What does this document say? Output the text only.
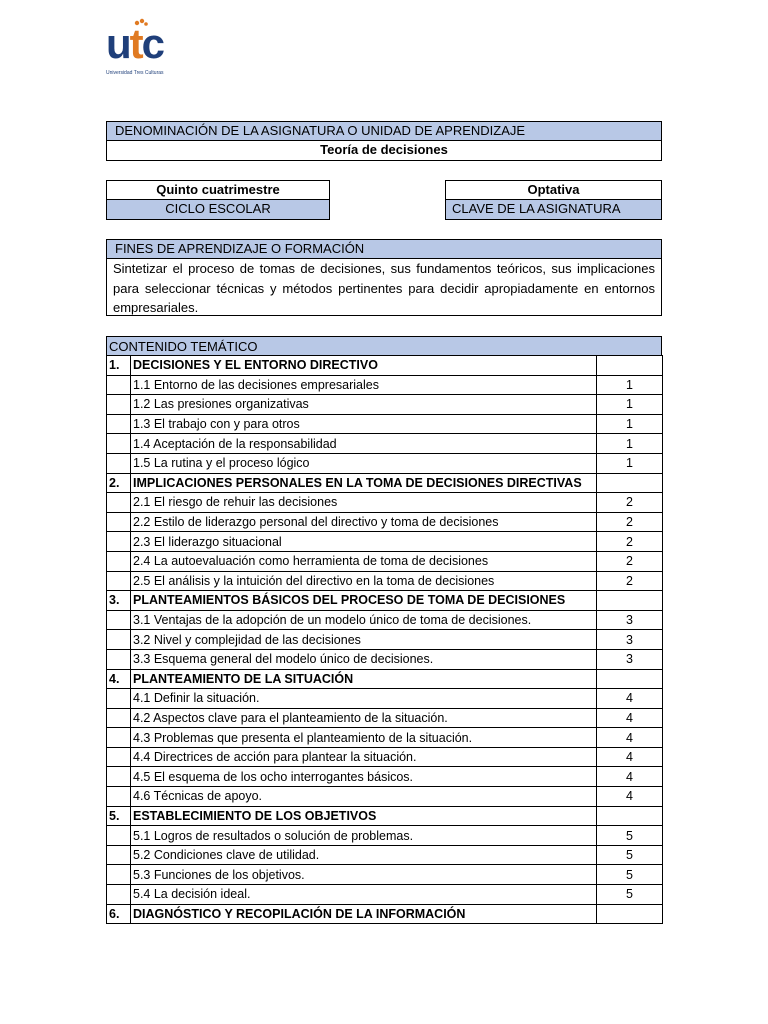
utc
Universidad Tres Culturas
DENOMINACIÓN DE LA ASIGNATURA O UNIDAD DE APRENDIZAJE
Teoría de decisiones
Quinto cuatrimestre
CICLO ESCOLAR
Optativa
CLAVE DE LA ASIGNATURA
FINES DE APRENDIZAJE O FORMACIÓN
Sintetizar el proceso de tomas de decisiones, sus fundamentos teóricos, sus implicaciones para seleccionar técnicas y métodos pertinentes para decidir apropiadamente en entornos empresariales.
CONTENIDO TEMÁTICO
1.	DECISIONES Y EL ENTORNO DIRECTIVO	
	1.1 Entorno de las decisiones empresariales	1
	1.2 Las presiones organizativas	1
	1.3 El trabajo con y para otros	1
	1.4 Aceptación de la responsabilidad	1
	1.5 La rutina y el proceso lógico	1
2.	IMPLICACIONES PERSONALES EN LA TOMA DE DECISIONES DIRECTIVAS	
	2.1 El riesgo de rehuir las decisiones	2
	2.2 Estilo de liderazgo personal del directivo y toma de decisiones	2
	2.3 El liderazgo situacional	2
	2.4 La autoevaluación como herramienta de toma de decisiones	2
	2.5 El análisis y la intuición del directivo en la toma de decisiones	2
3.	PLANTEAMIENTOS BÁSICOS DEL PROCESO DE TOMA DE DECISIONES	
	3.1 Ventajas de la adopción de un modelo único de toma de decisiones.	3
	3.2 Nivel y complejidad de las decisiones	3
	3.3 Esquema general del modelo único de decisiones.	3
4.	PLANTEAMIENTO DE LA SITUACIÓN	
	4.1 Definir la situación.	4
	4.2 Aspectos clave para el planteamiento de la situación.	4
	4.3 Problemas que presenta el planteamiento de la situación.	4
	4.4 Directrices de acción para plantear la situación.	4
	4.5 El esquema de los ocho interrogantes básicos.	4
	4.6 Técnicas de apoyo.	4
5.	ESTABLECIMIENTO DE LOS OBJETIVOS	
	5.1 Logros de resultados o solución de problemas.	5
	5.2 Condiciones clave de utilidad.	5
	5.3 Funciones de los objetivos.	5
	5.4 La decisión ideal.	5
6.	DIAGNÓSTICO Y RECOPILACIÓN DE LA INFORMACIÓN	
